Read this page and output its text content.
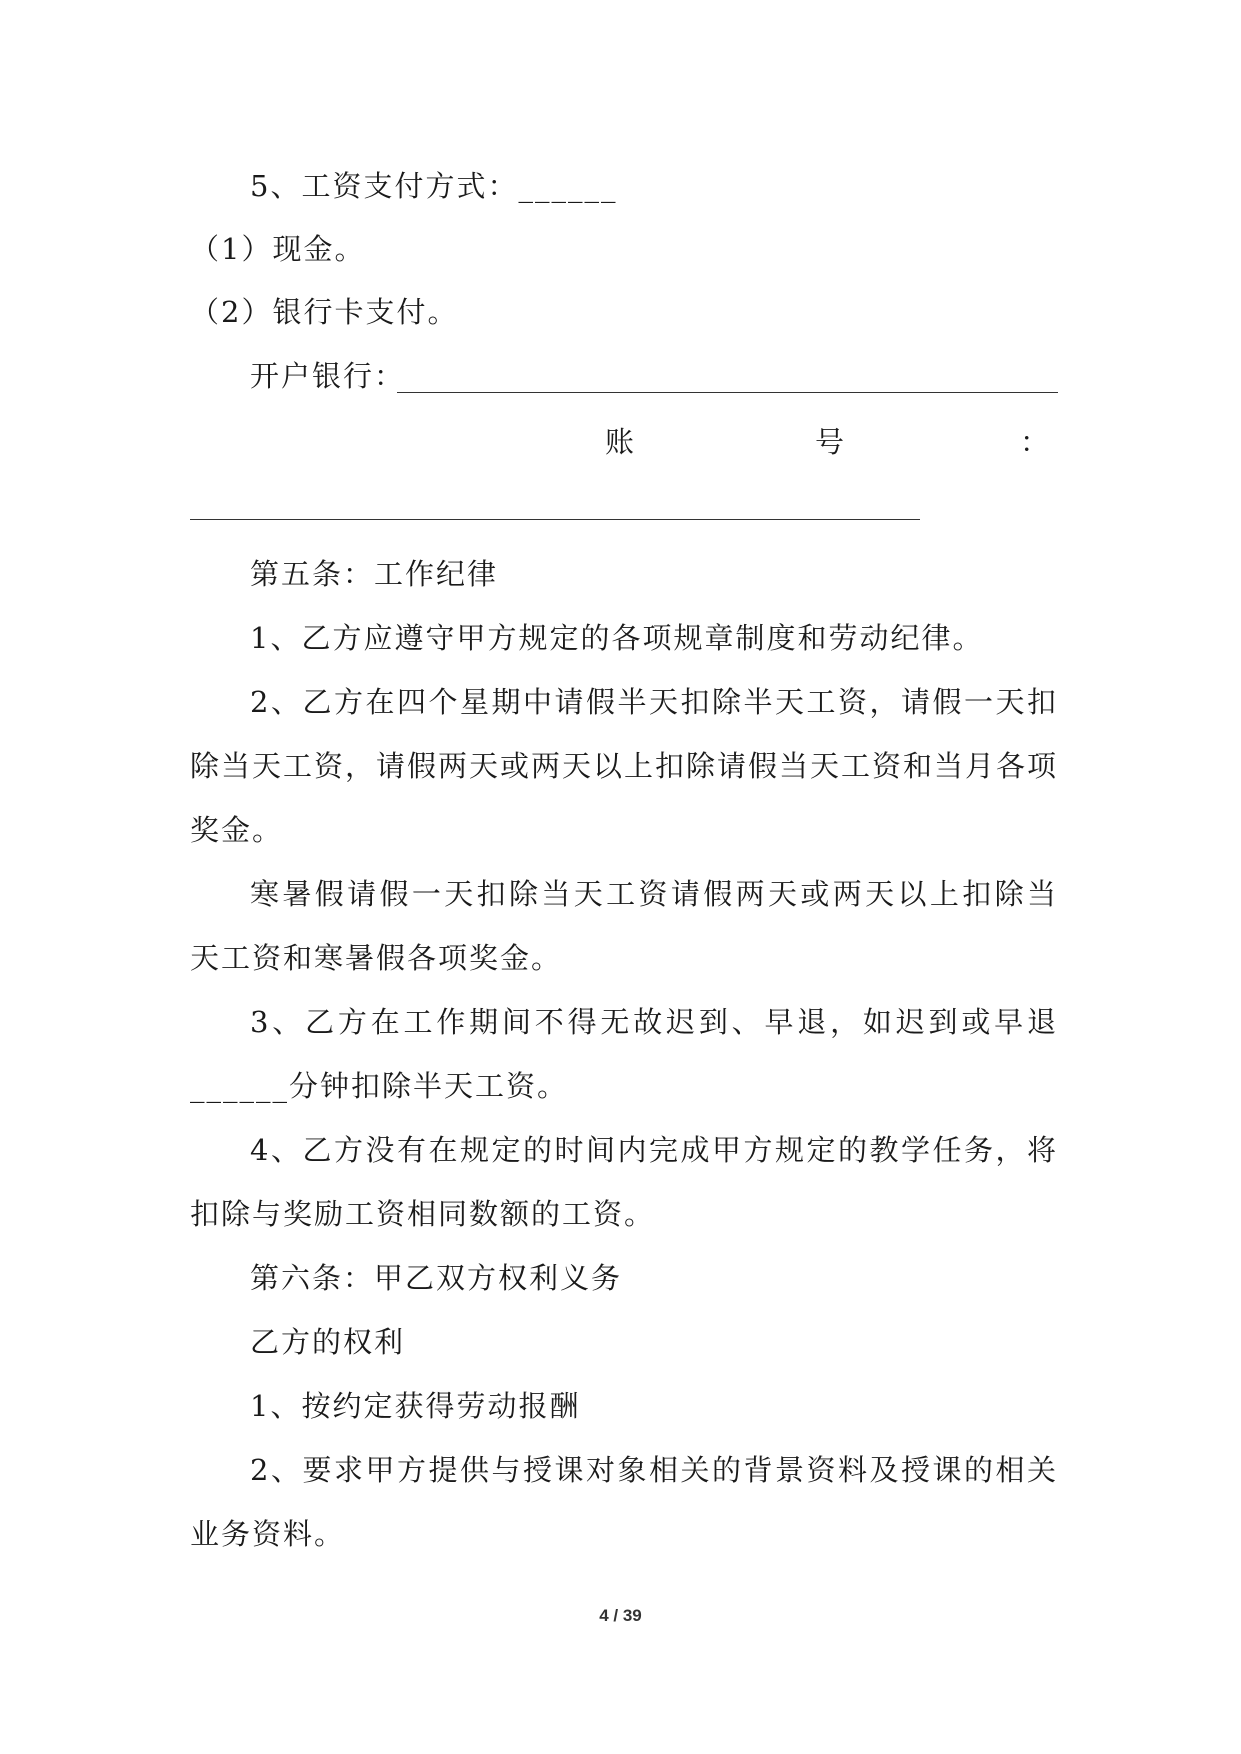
5、工资支付方式：______
（1）现金。
（2）银行卡支付。
开户银行：
账	号	：
第五条：工作纪律
1、乙方应遵守甲方规定的各项规章制度和劳动纪律。
2、乙方在四个星期中请假半天扣除半天工资，请假一天扣
除当天工资，请假两天或两天以上扣除请假当天工资和当月各项
奖金。
寒暑假请假一天扣除当天工资请假两天或两天以上扣除当
天工资和寒暑假各项奖金。
3、乙方在工作期间不得无故迟到、早退，如迟到或早退
______分钟扣除半天工资。
4、乙方没有在规定的时间内完成甲方规定的教学任务，将
扣除与奖励工资相同数额的工资。
第六条：甲乙双方权利义务
乙方的权利
1、按约定获得劳动报酬
2、要求甲方提供与授课对象相关的背景资料及授课的相关
业务资料。
4 / 39
